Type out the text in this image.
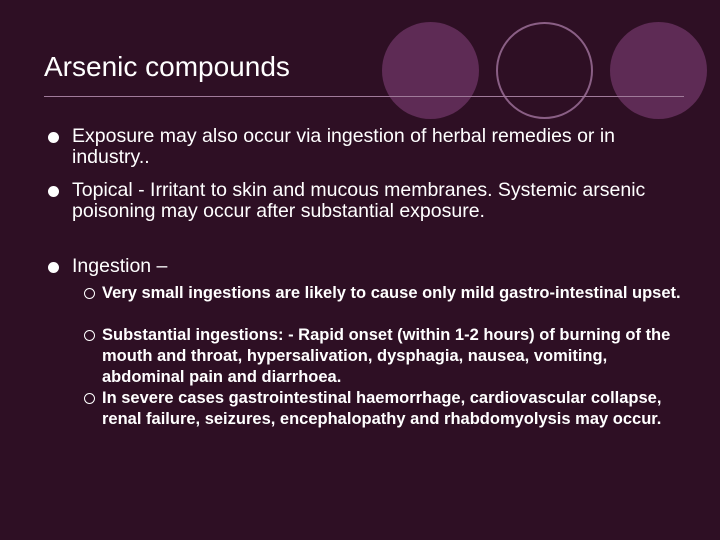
Arsenic compounds
Exposure may also occur via ingestion of herbal remedies or in industry..
Topical - Irritant to skin and mucous membranes. Systemic arsenic poisoning may occur after substantial exposure.
Ingestion –
Very small ingestions are likely to cause only mild gastro-intestinal upset.
Substantial ingestions: - Rapid onset (within 1-2 hours) of burning of the mouth and throat, hypersalivation, dysphagia, nausea, vomiting, abdominal pain and diarrhoea.
In severe cases gastrointestinal haemorrhage, cardiovascular collapse, renal failure, seizures, encephalopathy and rhabdomyolysis may occur.
